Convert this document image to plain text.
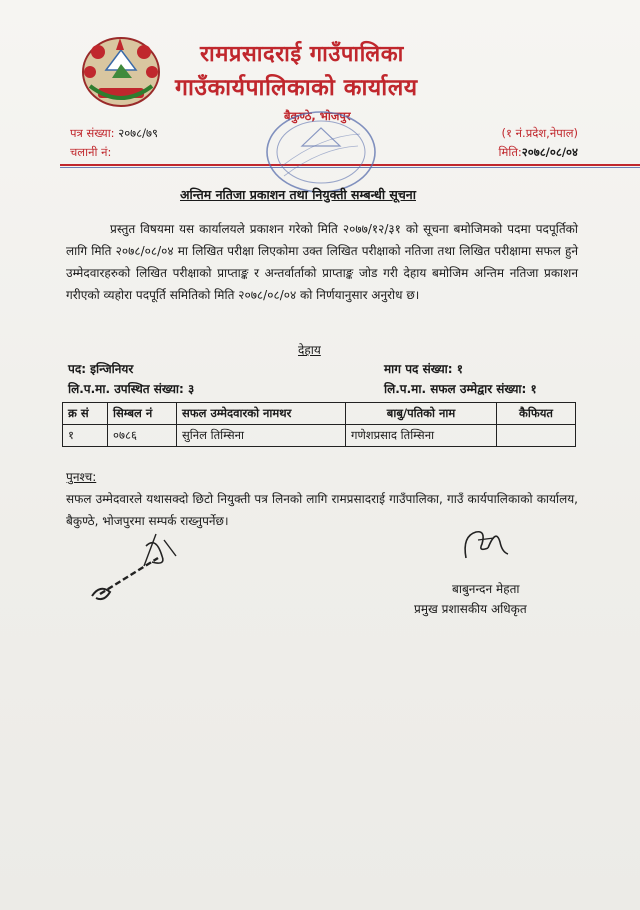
रामप्रसादराई गाउँपालिका
गाउँकार्यपालिकाको कार्यालय
बैकुण्ठे, भोजपुर
पत्र संख्या: २०७८/७९
चलानी नं:
(१ नं.प्रदेश,नेपाल)
मिति:२०७८/०८/०४
अन्तिम नतिजा प्रकाशन तथा नियुक्ती सम्बन्धी सूचना
प्रस्तुत विषयमा यस कार्यालयले प्रकाशन गरेको मिति २०७७/१२/३१ को सूचना बमोजिमको पदमा पदपूर्तिको लागि मिति २०७८/०८/०४ मा लिखित परीक्षा लिएकोमा उक्त लिखित परीक्षाको नतिजा तथा लिखित परीक्षामा सफल हुने उम्मेदवारहरुको लिखित परीक्षाको प्राप्ताङ्क र अन्तर्वार्ताको प्राप्ताङ्क जोड गरी देहाय बमोजिम अन्तिम नतिजा प्रकाशन गरीएको व्यहोरा पदपूर्ति समितिको मिति २०७८/०८/०४ को निर्णयानुसार अनुरोध छ।
देहाय
पद: इन्जिनियर	माग पद संख्या: १
लि.प.मा. उपस्थित संख्या: ३	लि.प.मा. सफल उम्मेद्वार संख्या: १
क्र सं	सिम्बल नं	सफल उम्मेदवारको नामथर	बाबु/पतिको नाम	कैफियत
१	०७८६	सुनिल तिम्सिना	गणेशप्रसाद तिम्सिना	
पुनश्च:
सफल उम्मेदवारले यथासक्दो छिटो नियुक्ती पत्र लिनको लागि रामप्रसादराई गाउँपालिका, गाउँ कार्यपालिकाको कार्यालय, बैकुण्ठे, भोजपुरमा सम्पर्क राख्नुपर्नेछ।
बाबुनन्दन मेहता
प्रमुख प्रशासकीय अधिकृत
